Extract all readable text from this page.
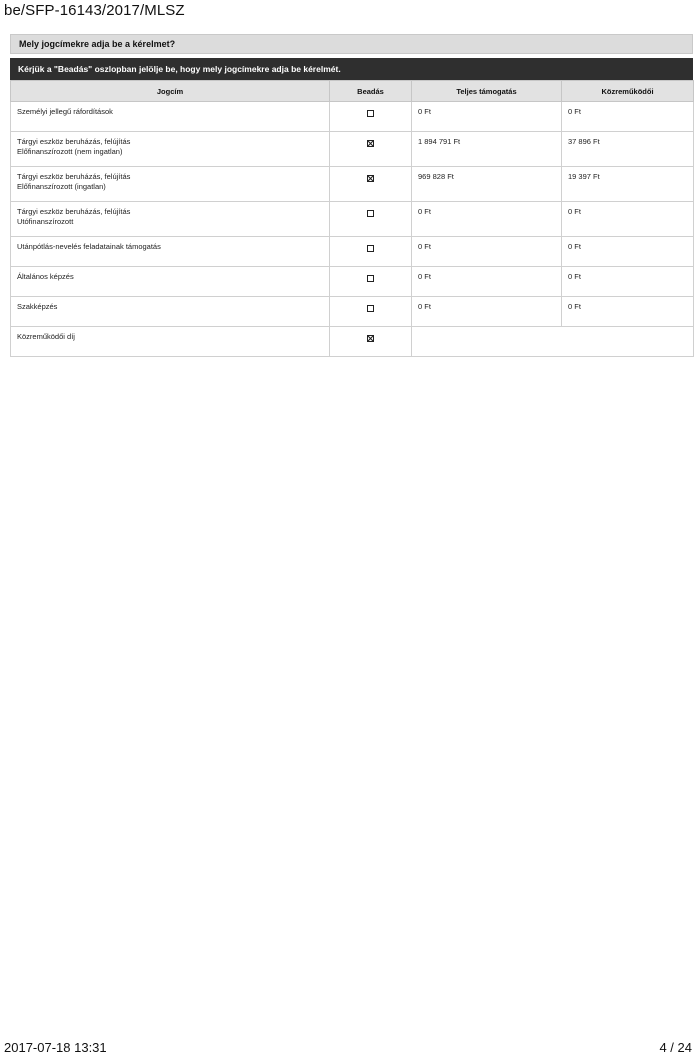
be/SFP-16143/2017/MLSZ
Mely jogcímekre adja be a kérelmet?
Kérjük a "Beadás" oszlopban jelölje be, hogy mely jogcímekre adja be kérelmét.
Jogcím	Beadás	Teljes támogatás	Közreműködői

Személyi jellegű ráfordítások		0 Ft	0 Ft

Tárgyi eszköz beruházás, felújítás
Előfinanszírozott (nem ingatlan)		1 894 791 Ft	37 896 Ft

Tárgyi eszköz beruházás, felújítás
Előfinanszírozott (ingatlan)		969 828 Ft	19 397 Ft

Tárgyi eszköz beruházás, felújítás
Utófinanszírozott		0 Ft	0 Ft

Utánpótlás-nevelés feladatainak támogatás		0 Ft	0 Ft

Általános képzés		0 Ft	0 Ft

Szakképzés		0 Ft	0 Ft

Közreműködői díj			

2017-07-18 13:31	4 / 24
